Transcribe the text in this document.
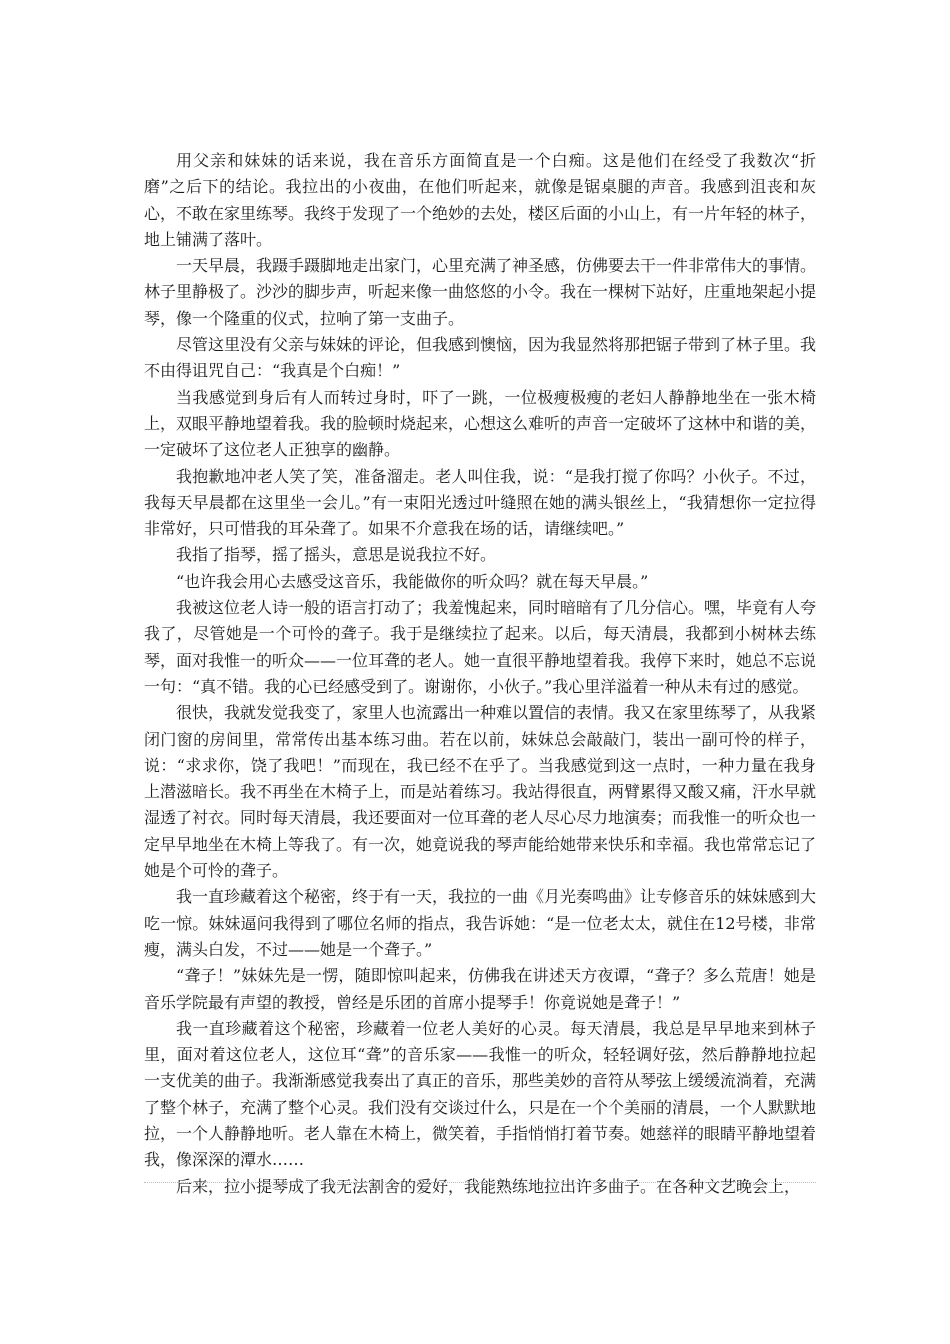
用父亲和妹妹的话来说，我在音乐方面简直是一个白痴。这是他们在经受了我数次“折磨”之后下的结论。我拉出的小夜曲，在他们听起来，就像是锯桌腿的声音。我感到沮丧和灰心，不敢在家里练琴。我终于发现了一个绝妙的去处，楼区后面的小山上，有一片年轻的林子，地上铺满了落叶。

一天早晨，我蹑手蹑脚地走出家门，心里充满了神圣感，仿佛要去干一件非常伟大的事情。林子里静极了。沙沙的脚步声，听起来像一曲悠悠的小令。我在一棵树下站好，庄重地架起小提琴，像一个隆重的仪式，拉响了第一支曲子。

尽管这里没有父亲与妹妹的评论，但我感到懊恼，因为我显然将那把锯子带到了林子里。我不由得诅咒自己：“我真是个白痴！”

当我感觉到身后有人而转过身时，吓了一跳，一位极瘦极瘦的老妇人静静地坐在一张木椅上，双眼平静地望着我。我的脸顿时烧起来，心想这么难听的声音一定破坏了这林中和谐的美，一定破坏了这位老人正独享的幽静。

我抱歉地冲老人笑了笑，准备溜走。老人叫住我，说：“是我打搅了你吗？小伙子。不过，我每天早晨都在这里坐一会儿。”有一束阳光透过叶缝照在她的满头银丝上，“我猜想你一定拉得非常好，只可惜我的耳朵聋了。如果不介意我在场的话，请继续吧。”

我指了指琴，摇了摇头，意思是说我拉不好。

“也许我会用心去感受这音乐，我能做你的听众吗？就在每天早晨。”

我被这位老人诗一般的语言打动了；我羞愧起来，同时暗暗有了几分信心。嘿，毕竟有人夸我了，尽管她是一个可怜的聋子。我于是继续拉了起来。以后，每天清晨，我都到小树林去练琴，面对我惟一的听众——一位耳聋的老人。她一直很平静地望着我。我停下来时，她总不忘说一句：“真不错。我的心已经感受到了。谢谢你，小伙子。”我心里洋溢着一种从未有过的感觉。

很快，我就发觉我变了，家里人也流露出一种难以置信的表情。我又在家里练琴了，从我紧闭门窗的房间里，常常传出基本练习曲。若在以前，妹妹总会敲敲门，装出一副可怜的样子，说：“求求你，饶了我吧！”而现在，我已经不在乎了。当我感觉到这一点时，一种力量在我身上潜滋暗长。我不再坐在木椅子上，而是站着练习。我站得很直，两臂累得又酸又痛，汗水早就湿透了衬衣。同时每天清晨，我还要面对一位耳聋的老人尽心尽力地演奏；而我惟一的听众也一定早早地坐在木椅上等我了。有一次，她竟说我的琴声能给她带来快乐和幸福。我也常常忘记了她是个可怜的聋子。

我一直珍藏着这个秘密，终于有一天，我拉的一曲《月光奏鸣曲》让专修音乐的妹妹感到大吃一惊。妹妹逼问我得到了哪位名师的指点，我告诉她：“是一位老太太，就住在12号楼，非常瘦，满头白发，不过——她是一个聋子。”

“聋子！”妹妹先是一愣，随即惊叫起来，仿佛我在讲述天方夜谭，“聋子？多么荒唐！她是音乐学院最有声望的教授，曾经是乐团的首席小提琴手！你竟说她是聋子！”

我一直珍藏着这个秘密，珍藏着一位老人美好的心灵。每天清晨，我总是早早地来到林子里，面对着这位老人，这位耳“聋”的音乐家——我惟一的听众，轻轻调好弦，然后静静地拉起一支优美的曲子。我渐渐感觉我奏出了真正的音乐，那些美妙的音符从琴弦上缓缓流淌着，充满了整个林子，充满了整个心灵。我们没有交谈过什么，只是在一个个美丽的清晨，一个人默默地拉，一个人静静地听。老人靠在木椅上，微笑着，手指悄悄打着节奏。她慈祥的眼睛平静地望着我，像深深的潭水……

后来，拉小提琴成了我无法割舍的爱好，我能熟练地拉出许多曲子。在各种文艺晚会上，
